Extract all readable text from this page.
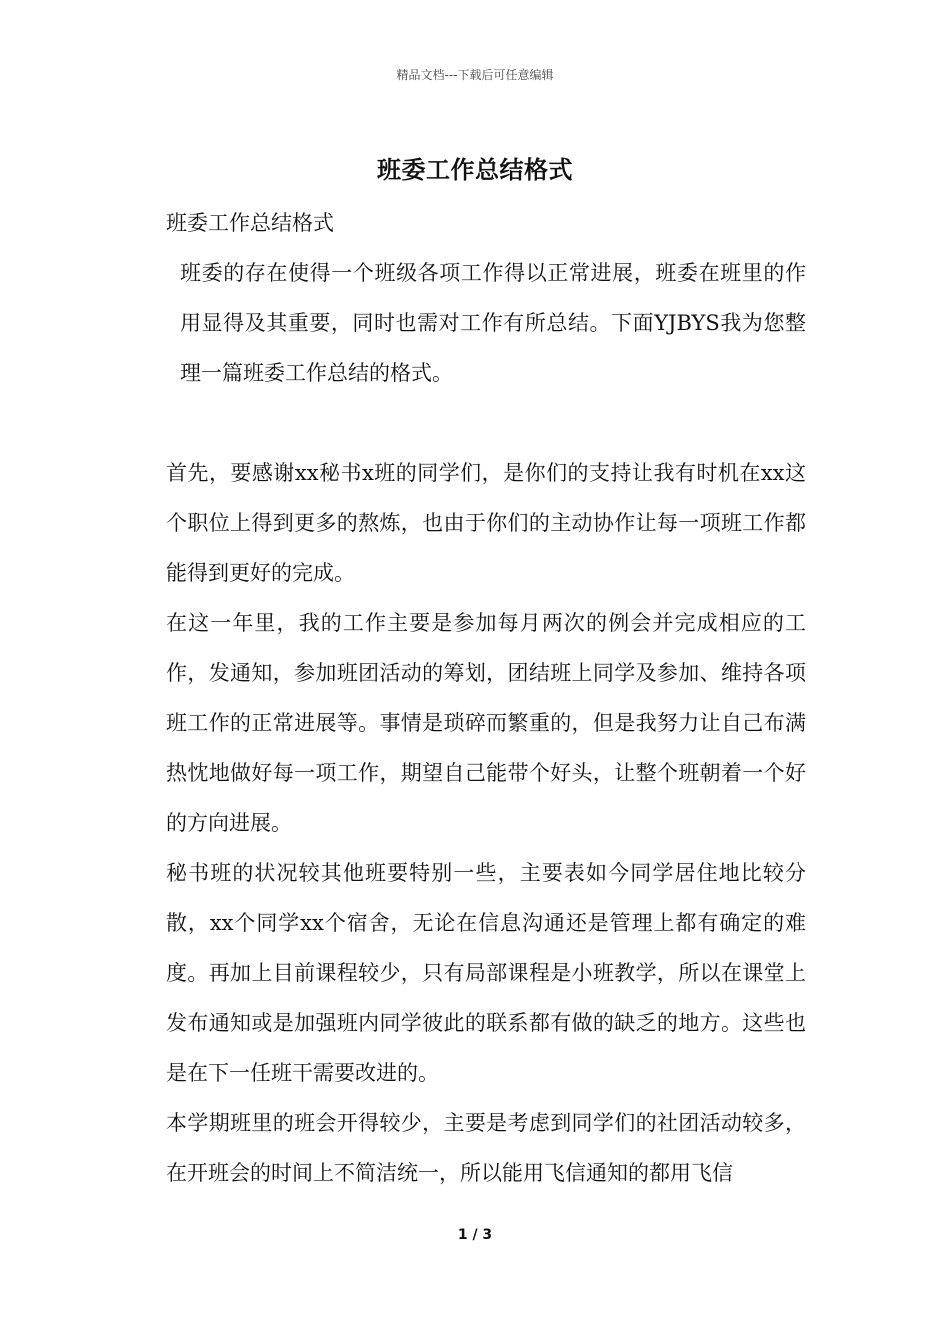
精品文档---下载后可任意编辑
班委工作总结格式

班委工作总结格式

班委的存在使得一个班级各项工作得以正常进展，班委在班里的作用显得及其重要，同时也需对工作有所总结。下面YJBYS我为您整理一篇班委工作总结的格式。

首先，要感谢xx秘书x班的同学们，是你们的支持让我有时机在xx这个职位上得到更多的熬炼，也由于你们的主动协作让每一项班工作都能得到更好的完成。

在这一年里，我的工作主要是参加每月两次的例会并完成相应的工作，发通知，参加班团活动的筹划，团结班上同学及参加、维持各项班工作的正常进展等。事情是琐碎而繁重的，但是我努力让自己布满热忱地做好每一项工作，期望自己能带个好头，让整个班朝着一个好的方向进展。

秘书班的状况较其他班要特别一些，主要表如今同学居住地比较分散，xx个同学xx个宿舍，无论在信息沟通还是管理上都有确定的难度。再加上目前课程较少，只有局部课程是小班教学，所以在课堂上发布通知或是加强班内同学彼此的联系都有做的缺乏的地方。这些也是在下一任班干需要改进的。

本学期班里的班会开得较少，主要是考虑到同学们的社团活动较多，在开班会的时间上不简洁统一，所以能用飞信通知的都用飞信

1 / 3
